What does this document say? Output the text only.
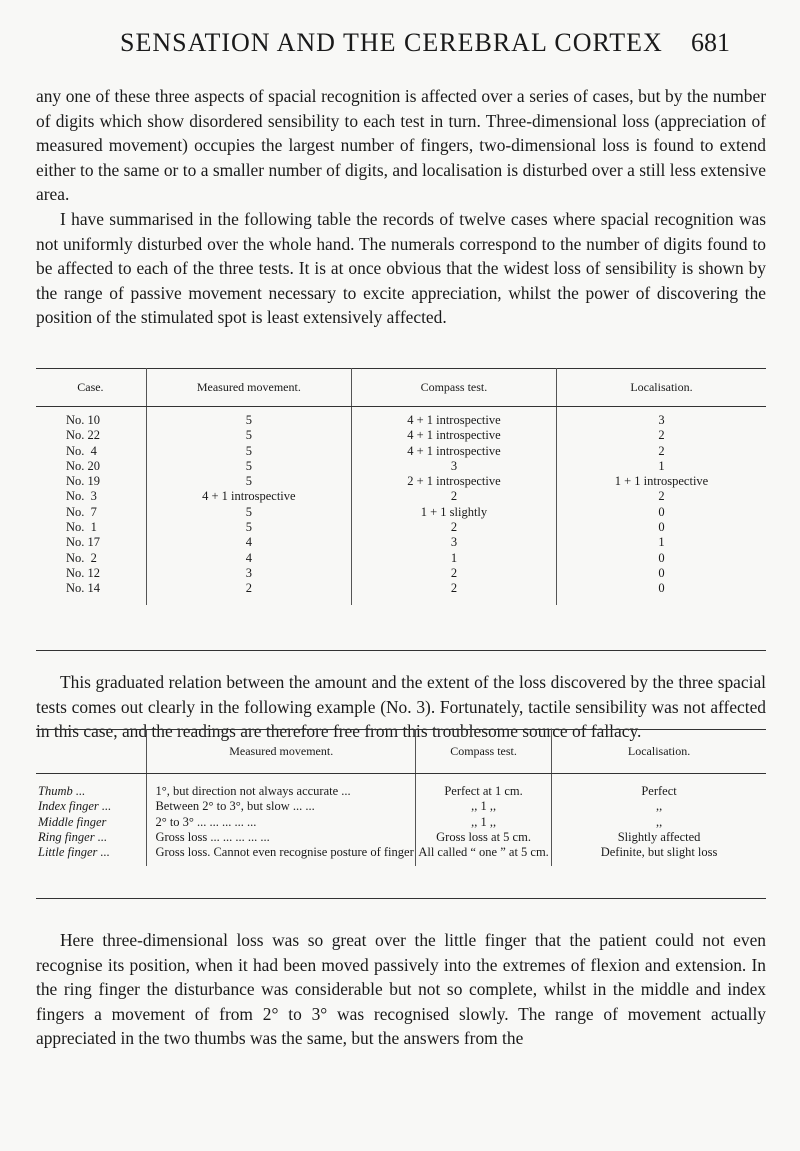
SENSATION AND THE CEREBRAL CORTEX 681

any one of these three aspects of spacial recognition is affected over a series of cases, but by the number of digits which show disordered sensibility to each test in turn. Three-dimensional loss (appreciation of measured movement) occupies the largest number of fingers, two-dimensional loss is found to extend either to the same or to a smaller number of digits, and localisation is disturbed over a still less extensive area.

I have summarised in the following table the records of twelve cases where spacial recognition was not uniformly disturbed over the whole hand. The numerals correspond to the number of digits found to be affected to each of the three tests. It is at once obvious that the widest loss of sensibility is shown by the range of passive movement necessary to excite appreciation, whilst the power of discovering the position of the stimulated spot is least extensively affected.

Case.	Measured movement.	Compass test.	Localisation.
No. 10	5	4 + 1 introspective	3
No. 22	5	4 + 1 introspective	2
No.  4	5	4 + 1 introspective	2
No. 20	5	3	1
No. 19	5	2 + 1 introspective	1 + 1 introspective
No.  3	4 + 1 introspective	2	2
No.  7	5	1 + 1 slightly	0
No.  1	5	2	0
No. 17	4	3	1
No.  2	4	1	0
No. 12	3	2	0
No. 14	2	2	0

This graduated relation between the amount and the extent of the loss discovered by the three spacial tests comes out clearly in the following example (No. 3). Fortunately, tactile sensibility was not affected in this case, and the readings are therefore free from this troublesome source of fallacy.

	Measured movement.	Compass test.	Localisation.
Thumb ...	1°, but direction not always accurate ...	Perfect at 1 cm.	Perfect
Index finger ...	Between 2° to 3°, but slow ... ...	,, 1 ,,	,,
Middle finger	2° to 3° ... ... ... ... ...	,, 1 ,,	,,
Ring finger ...	Gross loss ... ... ... ... ...	Gross loss at 5 cm.	Slightly affected
Little finger ...	Gross loss. Cannot even recognise posture of finger	All called “ one ” at 5 cm.	Definite, but slight loss

Here three-dimensional loss was so great over the little finger that the patient could not even recognise its position, when it had been moved passively into the extremes of flexion and extension. In the ring finger the disturbance was considerable but not so complete, whilst in the middle and index fingers a movement of from 2° to 3° was recognised slowly. The range of movement actually appreciated in the two thumbs was the same, but the answers from the
